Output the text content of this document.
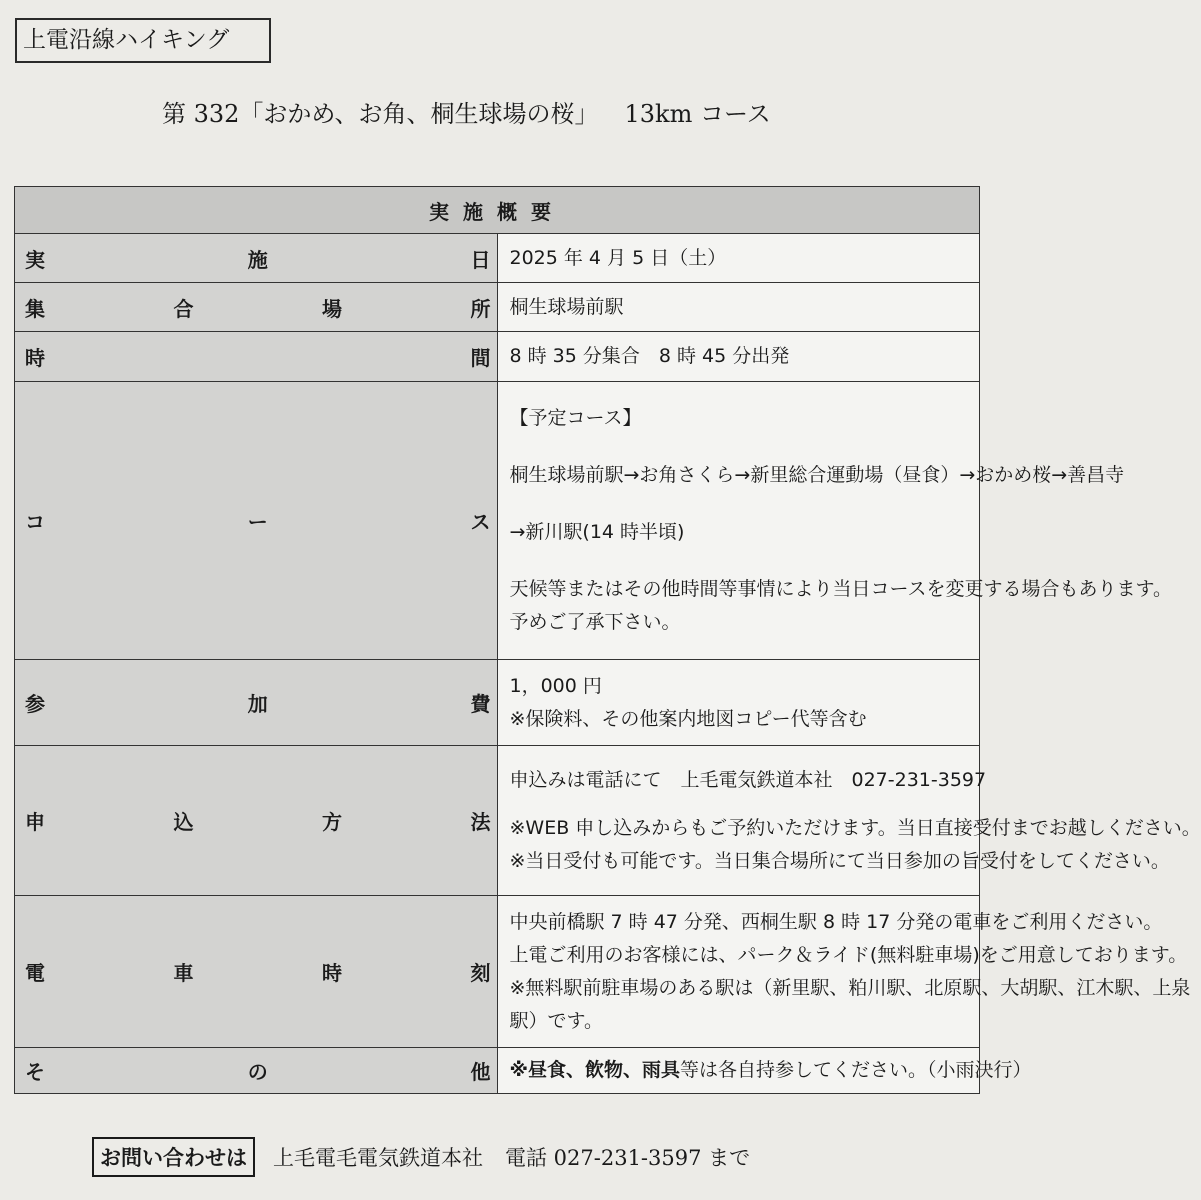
上電沿線ハイキング
第 332「おかめ、お角、桐生球場の桜」 13km コース
実施概要	

実 施 日	2025 年 4 月 5 日（土）

集 合 場 所	桐生球場前駅

時 間	8 時 35 分集合　8 時 45 分出発

コ ー ス	【予定コース】
桐生球場前駅→お角さくら→新里総合運動場（昼食）→おかめ桜→善昌寺
→新川駅(14 時半頃)
天候等またはその他時間等事情により当日コースを変更する場合もあります。
予めご了承下さい。

参 加 費	1，000 円
※保険料、その他案内地図コピー代等含む

申 込 方 法	申込みは電話にて　上毛電気鉄道本社　027-231-3597
※WEB 申し込みからもご予約いただけます。当日直接受付までお越しください。
※当日受付も可能です。当日集合場所にて当日参加の旨受付をしてください。

電 車 時 刻	中央前橋駅 7 時 47 分発、西桐生駅 8 時 17 分発の電車をご利用ください。
上電ご利用のお客様には、パーク＆ライド(無料駐車場)をご用意しております。
※無料駅前駐車場のある駅は（新里駅、粕川駅、北原駅、大胡駅、江木駅、上泉
駅）です。

そ の 他	※昼食、飲物、雨具等は各自持参してください。（小雨決行）
お問い合わせは 上毛電毛電気鉄道本社 電話 027-231-3597 まで
